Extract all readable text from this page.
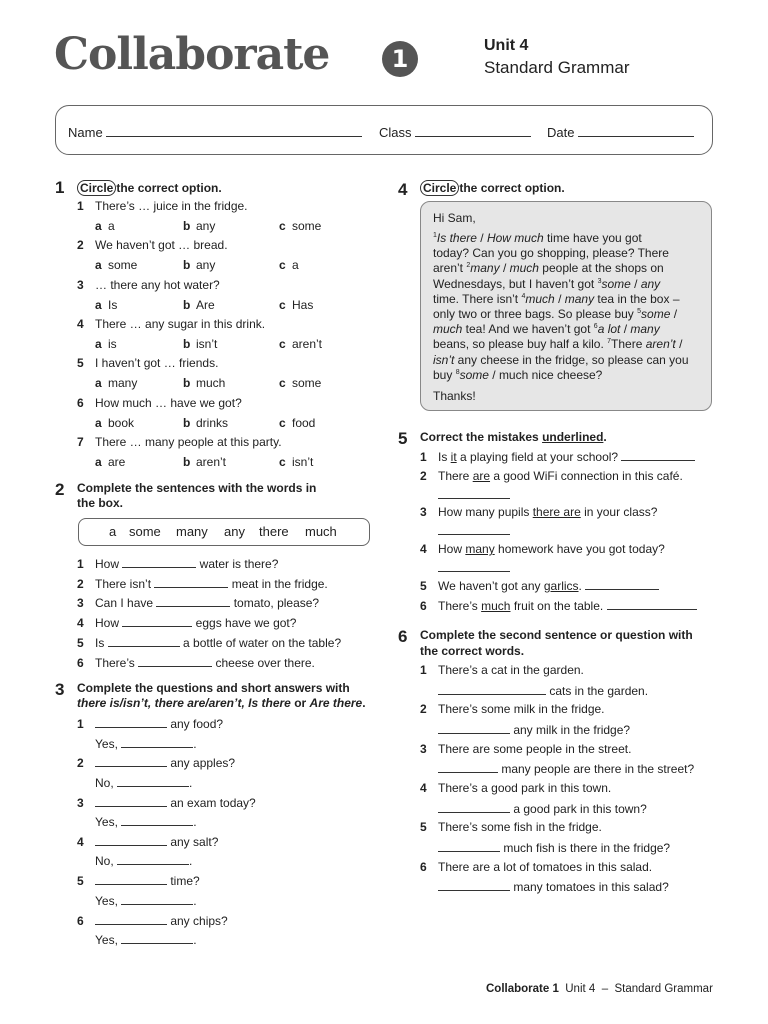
Collaborate	1	Unit 4
Standard Grammar
Name	Class	Date
1 Circle the correct option.
1 There’s … juice in the fridge.
a a	b any	c some
2 We haven’t got … bread.
a some	b any	c a
3 … there any hot water?
a Is	b Are	c Has
4 There … any sugar in this drink.
a is	b isn’t	c aren’t
5 I haven’t got … friends.
a many	b much	c some
6 How much … have we got?
a book	b drinks	c food
7 There … many people at this party.
a are	b aren’t	c isn’t
2 Complete the sentences with the words in
the box.
a some many any there much
1 How	water is there?
2 There isn’t	meat in the fridge.
3 Can I have	tomato, please?
4 How	eggs have we got?
5 Is	a bottle of water on the table?
6 There’s	cheese over there.
3 Complete the questions and short answers with
there is/isn’t, there are/aren’t, Is there or Are there.
1	any food?
Yes,	.
2	any apples?
No,	.
3	an exam today?
Yes,	.
4	any salt?
No,	.
5	time?
Yes,	.
6	any chips?
Yes,	.
4 Circle the correct option.
Hi Sam,
$^1$Is there / How much time have you got
today? Can you go shopping, please? There
aren’t $^2$many / much people at the shops on
Wednesdays, but I haven’t got $^3$some / any
time. There isn’t $^4$much / many tea in the box –
only two or three bags. So please buy $^5$some /
much tea! And we haven’t got $^6$a lot / many
beans, so please buy half a kilo. $^7$There aren’t /
isn’t any cheese in the fridge, so please can you
buy $^8$some / much nice cheese?
Thanks!
5 Correct the mistakes underlined.
1 Is it a playing field at your school?
2 There are a good WiFi connection in this café.
3 How many pupils there are in your class?
4 How many homework have you got today?
5 We haven’t got any garlics.
6 There’s much fruit on the table.
6 Complete the second sentence or question with
the correct words.
1 There’s a cat in the garden.
cats in the garden.
2 There’s some milk in the fridge.
any milk in the fridge?
3 There are some people in the street.
many people are there in the street?
4 There’s a good park in this town.
a good park in this town?
5 There’s some fish in the fridge.
much fish is there in the fridge?
6 There are a lot of tomatoes in this salad.
many tomatoes in this salad?
Collaborate 1 Unit 4 – Standard Grammar
